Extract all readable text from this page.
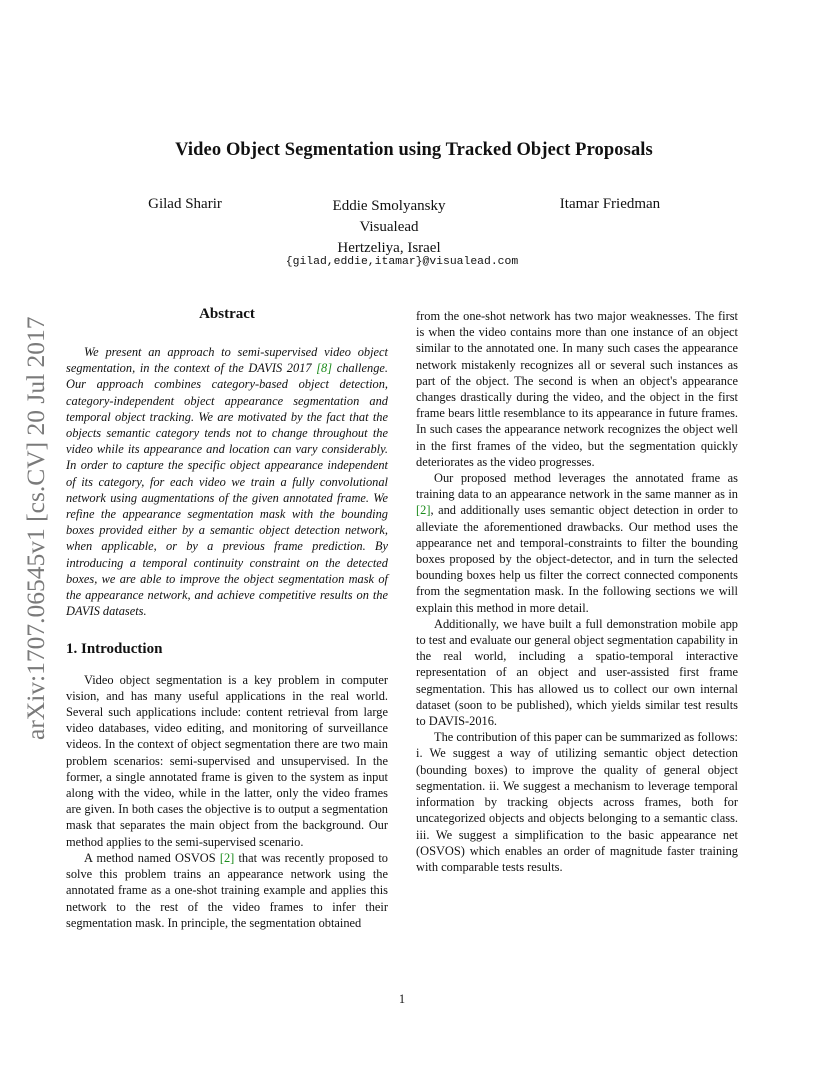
Video Object Segmentation using Tracked Object Proposals
Gilad Sharir	Eddie Smolyansky
Visualead
Hertzeliya, Israel
Itamar Friedman
{gilad,eddie,itamar}@visualead.com
arXiv:1707.06545v1 [cs.CV] 20 Jul 2017
Abstract

We present an approach to semi-supervised video object segmentation, in the context of the DAVIS 2017 [8] challenge. Our approach combines category-based object detection, category-independent object appearance segmentation and temporal object tracking. We are motivated by the fact that the objects semantic category tends not to change throughout the video while its appearance and location can vary considerably. In order to capture the specific object appearance independent of its category, for each video we train a fully convolutional network using augmentations of the given annotated frame. We refine the appearance segmentation mask with the bounding boxes provided either by a semantic object detection network, when applicable, or by a previous frame prediction. By introducing a temporal continuity constraint on the detected boxes, we are able to improve the object segmentation mask of the appearance network, and achieve competitive results on the DAVIS datasets.

1. Introduction

Video object segmentation is a key problem in computer vision, and has many useful applications in the real world. Several such applications include: content retrieval from large video databases, video editing, and monitoring of surveillance videos. In the context of object segmentation there are two main problem scenarios: semi-supervised and unsupervised. In the former, a single annotated frame is given to the system as input along with the video, while in the latter, only the video frames are given. In both cases the objective is to output a segmentation mask that separates the main object from the background. Our method applies to the semi-supervised scenario.

A method named OSVOS [2] that was recently proposed to solve this problem trains an appearance network using the annotated frame as a one-shot training example and applies this network to the rest of the video frames to infer their segmentation mask. In principle, the segmentation obtained

from the one-shot network has two major weaknesses. The first is when the video contains more than one instance of an object similar to the annotated one. In many such cases the appearance network mistakenly recognizes all or several such instances as part of the object. The second is when an object's appearance changes drastically during the video, and the object in the first frame bears little resemblance to its appearance in future frames. In such cases the appearance network recognizes the object well in the first frames of the video, but the segmentation quickly deteriorates as the video progresses.

Our proposed method leverages the annotated frame as training data to an appearance network in the same manner as in [2], and additionally uses semantic object detection in order to alleviate the aforementioned drawbacks. Our method uses the appearance net and temporal-constraints to filter the bounding boxes proposed by the object-detector, and in turn the selected bounding boxes help us filter the correct connected components from the segmentation mask. In the following sections we will explain this method in more detail.

Additionally, we have built a full demonstration mobile app to test and evaluate our general object segmentation capability in the real world, including a spatio-temporal interactive representation of an object and user-assisted first frame segmentation. This has allowed us to collect our own internal dataset (soon to be published), which yields similar test results to DAVIS-2016.

The contribution of this paper can be summarized as follows: i. We suggest a way of utilizing semantic object detection (bounding boxes) to improve the quality of general object segmentation. ii. We suggest a mechanism to leverage temporal information by tracking objects across frames, both for uncategorized objects and objects belonging to a semantic class. iii. We suggest a simplification to the basic appearance net (OSVOS) which enables an order of magnitude faster training with comparable tests results.

1
